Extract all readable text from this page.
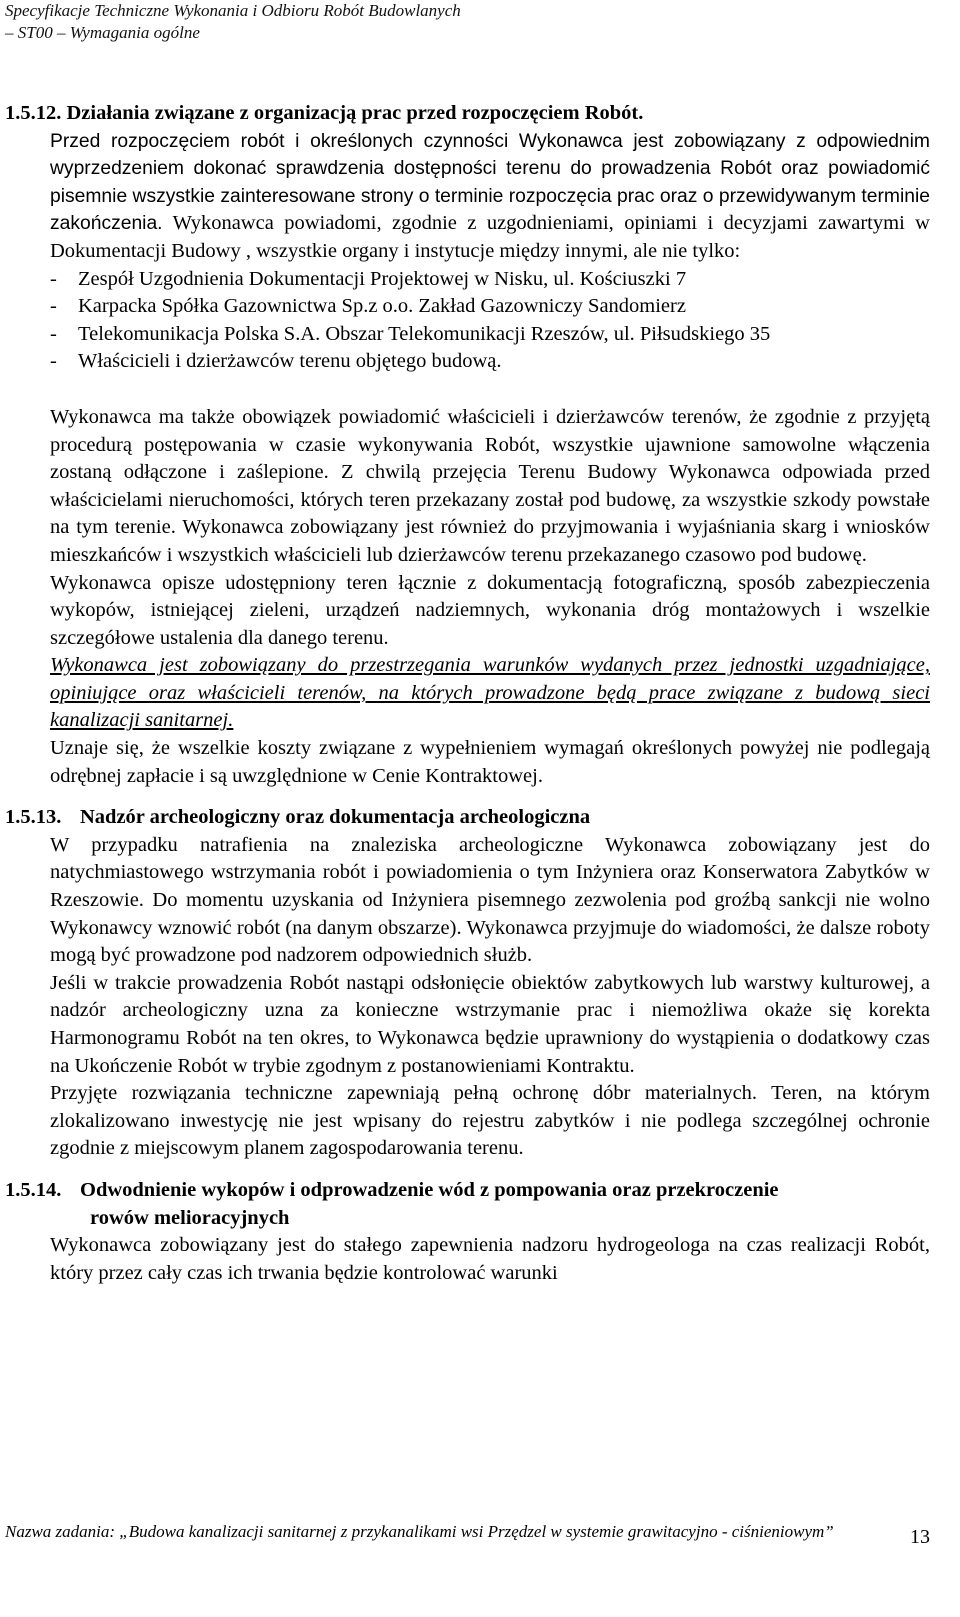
Specyfikacje Techniczne Wykonania i Odbioru Robót Budowlanych
– ST00 – Wymagania ogólne
1.5.12. Działania związane z organizacją prac przed rozpoczęciem Robót.

Przed rozpoczęciem robót i określonych czynności Wykonawca jest zobowiązany z odpowiednim wyprzedzeniem dokonać sprawdzenia dostępności terenu do prowadzenia Robót oraz powiadomić pisemnie wszystkie zainteresowane strony o terminie rozpoczęcia prac oraz o przewidywanym terminie zakończenia. Wykonawca powiadomi, zgodnie z uzgodnieniami, opiniami i decyzjami zawartymi w Dokumentacji Budowy , wszystkie organy i instytucje między innymi, ale nie tylko:

- Zespół Uzgodnienia Dokumentacji Projektowej w Nisku, ul. Kościuszki 7
- Karpacka Spółka Gazownictwa Sp.z o.o. Zakład Gazowniczy Sandomierz
- Telekomunikacja Polska S.A. Obszar Telekomunikacji Rzeszów, ul. Piłsudskiego 35
- Właścicieli i dzierżawców terenu objętego budową.

Wykonawca ma także obowiązek powiadomić właścicieli i dzierżawców terenów, że zgodnie z przyjętą procedurą postępowania w czasie wykonywania Robót, wszystkie ujawnione samowolne włączenia zostaną odłączone i zaślepione. Z chwilą przejęcia Terenu Budowy Wykonawca odpowiada przed właścicielami nieruchomości, których teren przekazany został pod budowę, za wszystkie szkody powstałe na tym terenie. Wykonawca zobowiązany jest również do przyjmowania i wyjaśniania skarg i wniosków mieszkańców i wszystkich właścicieli lub dzierżawców terenu przekazanego czasowo pod budowę.

Wykonawca opisze udostępniony teren łącznie z dokumentacją fotograficzną, sposób zabezpieczenia wykopów, istniejącej zieleni, urządzeń nadziemnych, wykonania dróg montażowych i wszelkie szczegółowe ustalenia dla danego terenu.

Wykonawca jest zobowiązany do przestrzegania warunków wydanych przez jednostki uzgadniające, opiniujące oraz właścicieli terenów, na których prowadzone będą prace związane z budową sieci kanalizacji sanitarnej.

Uznaje się, że wszelkie koszty związane z wypełnieniem wymagań określonych powyżej nie podlegają odrębnej zapłacie i są uwzględnione w Cenie Kontraktowej.

1.5.13. Nadzór archeologiczny oraz dokumentacja archeologiczna

W przypadku natrafienia na znaleziska archeologiczne Wykonawca zobowiązany jest do natychmiastowego wstrzymania robót i powiadomienia o tym Inżyniera oraz Konserwatora Zabytków w Rzeszowie. Do momentu uzyskania od Inżyniera pisemnego zezwolenia pod groźbą sankcji nie wolno Wykonawcy wznowić robót (na danym obszarze). Wykonawca przyjmuje do wiadomości, że dalsze roboty mogą być prowadzone pod nadzorem odpowiednich służb.

Jeśli w trakcie prowadzenia Robót nastąpi odsłonięcie obiektów zabytkowych lub warstwy kulturowej, a nadzór archeologiczny uzna za konieczne wstrzymanie prac i niemożliwa okaże się korekta Harmonogramu Robót na ten okres, to Wykonawca będzie uprawniony do wystąpienia o dodatkowy czas na Ukończenie Robót w trybie zgodnym z postanowieniami Kontraktu.

Przyjęte rozwiązania techniczne zapewniają pełną ochronę dóbr materialnych. Teren, na którym zlokalizowano inwestycję nie jest wpisany do rejestru zabytków i nie podlega szczególnej ochronie zgodnie z miejscowym planem zagospodarowania terenu.

1.5.14. Odwodnienie wykopów i odprowadzenie wód z pompowania oraz przekroczenie
rowów melioracyjnych

Wykonawca zobowiązany jest do stałego zapewnienia nadzoru hydrogeologa na czas realizacji Robót, który przez cały czas ich trwania będzie kontrolować warunki

Nazwa zadania: „Budowa kanalizacji sanitarnej z przykanalikami wsi Przędzel w systemie grawitacyjno - ciśnieniowym”	13
